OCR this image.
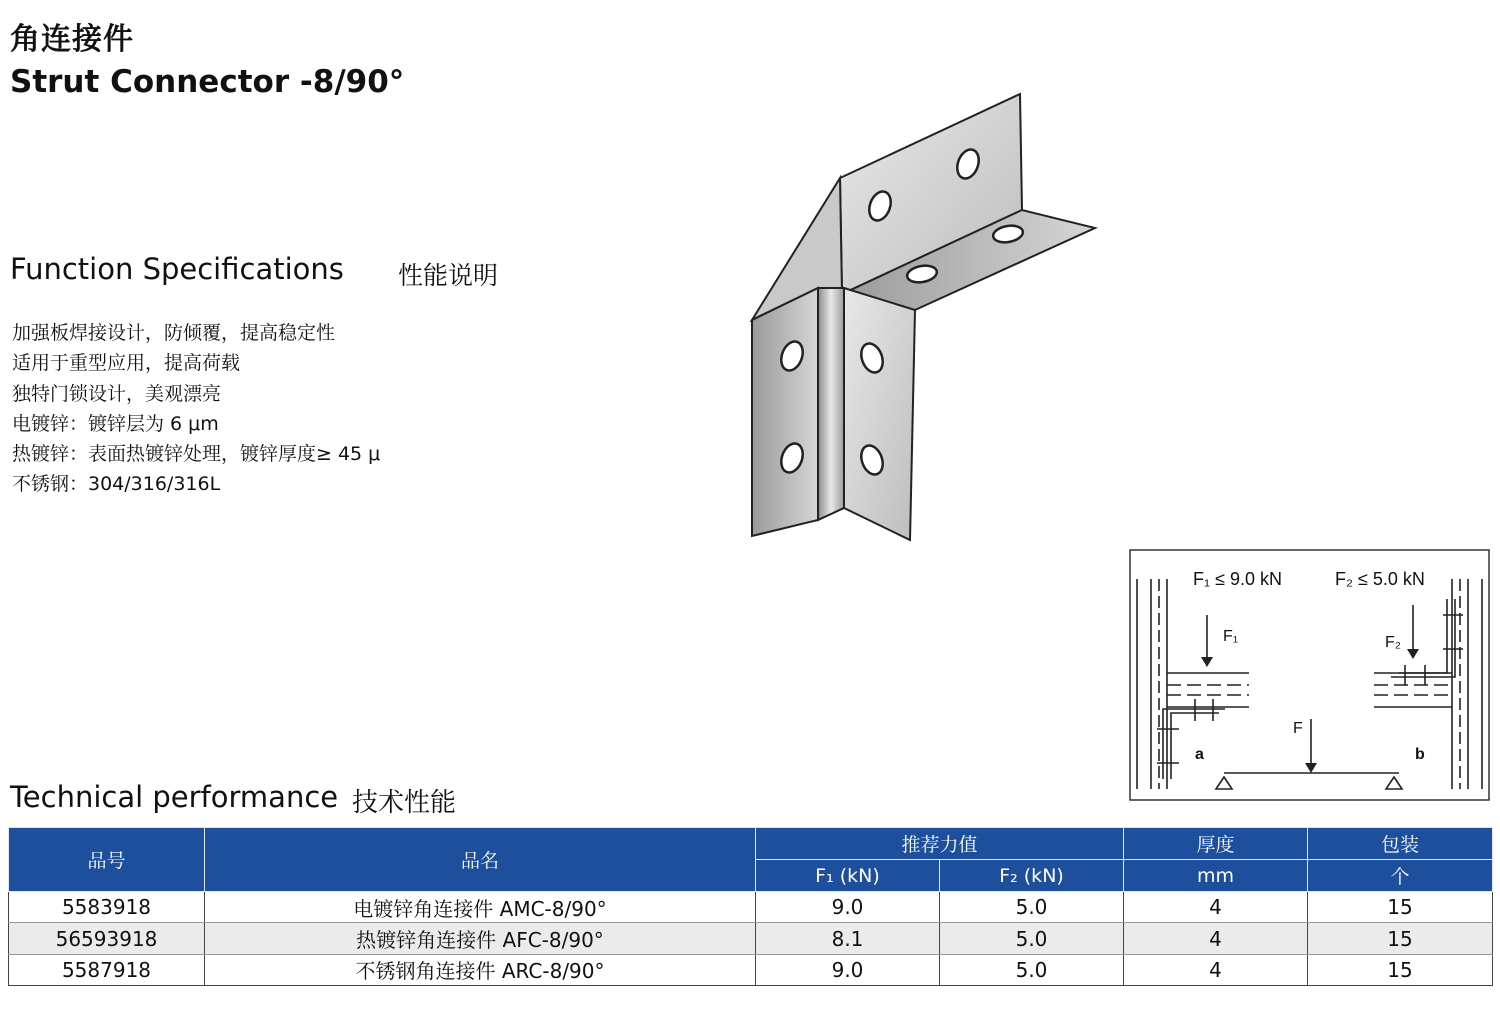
角连接件
Strut Connector -8/90°
Function Specifications 性能说明
加强板焊接设计，防倾覆，提高稳定性
适用于重型应用，提高荷载
独特门锁设计，美观漂亮
电镀锌：镀锌层为 6 μm
热镀锌：表面热镀锌处理，镀锌厚度≥ 45 μ
不锈钢：304/316/316L
F₁ ≤ 9.0 kN	F₂ ≤ 5.0 kN
F₁	F₂
F
a	b
Technical performance 技术性能
品号	品名	推荐力值		厚度	包装
		F₁ (kN)	F₂ (kN)	mm	个
5583918	电镀锌角连接件 AMC-8/90°	9.0	5.0	4	15
56593918	热镀锌角连接件 AFC-8/90°	8.1	5.0	4	15
5587918	不锈钢角连接件 ARC-8/90°	9.0	5.0	4	15
